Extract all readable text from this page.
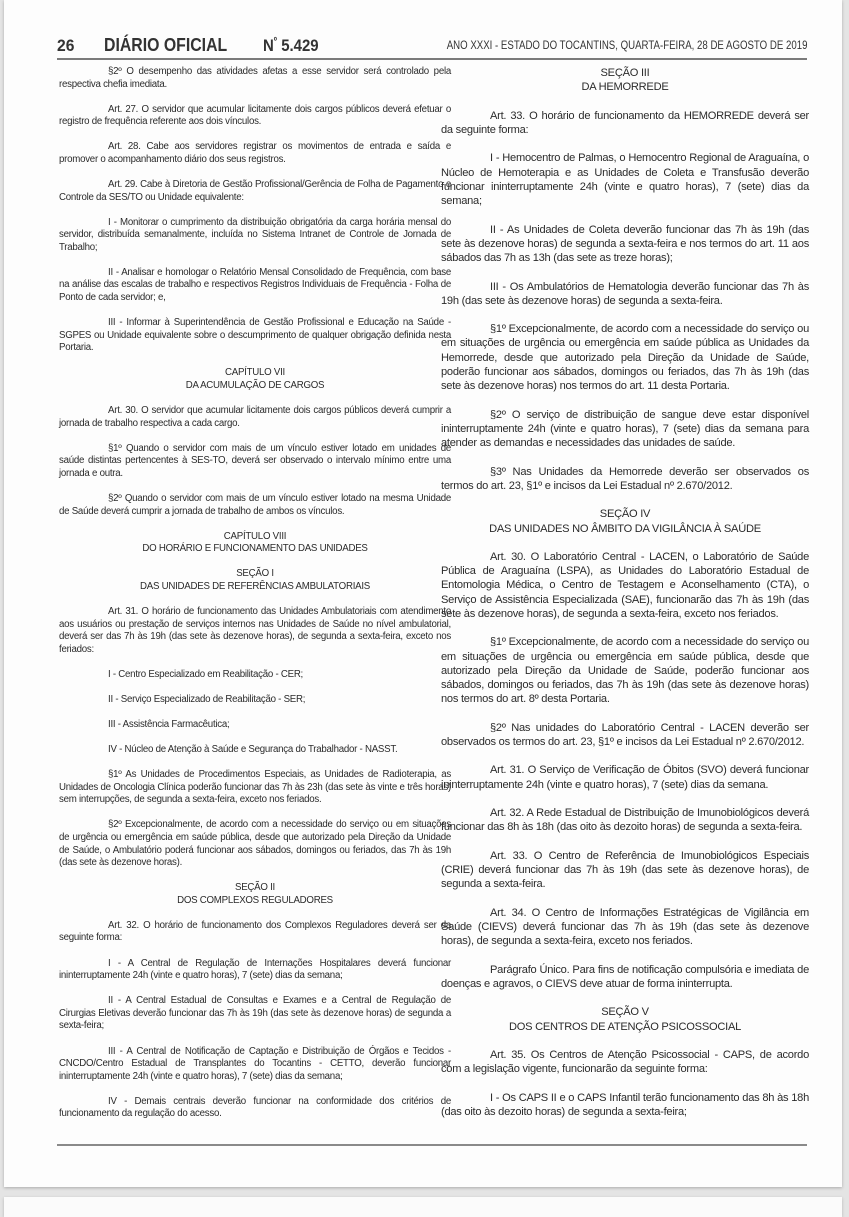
26 DIÁRIO OFICIAL $N^º$ 5.429	ANO XXXI - ESTADO DO TOCANTINS, QUARTA-FEIRA, 28 DE AGOSTO DE 2019

§2º O desempenho das atividades afetas a esse servidor será controlado pela respectiva chefia imediata.

Art. 27. O servidor que acumular licitamente dois cargos públicos deverá efetuar o registro de frequência referente aos dois vínculos.

Art. 28. Cabe aos servidores registrar os movimentos de entrada e saída e promover o acompanhamento diário dos seus registros.

Art. 29. Cabe à Diretoria de Gestão Profissional/Gerência de Folha de Pagamento e Controle da SES/TO ou Unidade equivalente:

I - Monitorar o cumprimento da distribuição obrigatória da carga horária mensal do servidor, distribuída semanalmente, incluída no Sistema Intranet de Controle de Jornada de Trabalho;

II - Analisar e homologar o Relatório Mensal Consolidado de Frequência, com base na análise das escalas de trabalho e respectivos Registros Individuais de Frequência - Folha de Ponto de cada servidor; e,

III - Informar à Superintendência de Gestão Profissional e Educação na Saúde - SGPES ou Unidade equivalente sobre o descumprimento de qualquer obrigação definida nesta Portaria.

CAPÍTULO VII
DA ACUMULAÇÃO DE CARGOS

Art. 30. O servidor que acumular licitamente dois cargos públicos deverá cumprir a jornada de trabalho respectiva a cada cargo.

§1º Quando o servidor com mais de um vínculo estiver lotado em unidades de saúde distintas pertencentes à SES-TO, deverá ser observado o intervalo mínimo entre uma jornada e outra.

§2º Quando o servidor com mais de um vínculo estiver lotado na mesma Unidade de Saúde deverá cumprir a jornada de trabalho de ambos os vínculos.

CAPÍTULO VIII
DO HORÁRIO E FUNCIONAMENTO DAS UNIDADES
SEÇÃO I
DAS UNIDADES DE REFERÊNCIAS AMBULATORIAIS

Art. 31. O horário de funcionamento das Unidades Ambulatoriais com atendimento aos usuários ou prestação de serviços internos nas Unidades de Saúde no nível ambulatorial, deverá ser das 7h às 19h (das sete às dezenove horas), de segunda a sexta-feira, exceto nos feriados:

I - Centro Especializado em Reabilitação - CER;

II - Serviço Especializado de Reabilitação - SER;

III - Assistência Farmacêutica;

IV - Núcleo de Atenção à Saúde e Segurança do Trabalhador - NASST.

§1º As Unidades de Procedimentos Especiais, as Unidades de Radioterapia, as Unidades de Oncologia Clínica poderão funcionar das 7h às 23h (das sete às vinte e três horas) sem interrupções, de segunda a sexta-feira, exceto nos feriados.

§2º Excepcionalmente, de acordo com a necessidade do serviço ou em situações de urgência ou emergência em saúde pública, desde que autorizado pela Direção da Unidade de Saúde, o Ambulatório poderá funcionar aos sábados, domingos ou feriados, das 7h às 19h (das sete às dezenove horas).

SEÇÃO II
DOS COMPLEXOS REGULADORES

Art. 32. O horário de funcionamento dos Complexos Reguladores deverá ser da seguinte forma:

I - A Central de Regulação de Internações Hospitalares deverá funcionar ininterruptamente 24h (vinte e quatro horas), 7 (sete) dias da semana;

II - A Central Estadual de Consultas e Exames e a Central de Regulação de Cirurgias Eletivas deverão funcionar das 7h às 19h (das sete às dezenove horas) de segunda a sexta-feira;

III - A Central de Notificação de Captação e Distribuição de Órgãos e Tecidos - CNCDO/Centro Estadual de Transplantes do Tocantins - CETTO, deverão funcionar ininterruptamente 24h (vinte e quatro horas), 7 (sete) dias da semana;

IV - Demais centrais deverão funcionar na conformidade dos critérios de funcionamento da regulação do acesso.

SEÇÃO III
DA HEMORREDE

Art. 33. O horário de funcionamento da HEMORREDE deverá ser da seguinte forma:

I - Hemocentro de Palmas, o Hemocentro Regional de Araguaína, o Núcleo de Hemoterapia e as Unidades de Coleta e Transfusão deverão funcionar ininterruptamente 24h (vinte e quatro horas), 7 (sete) dias da semana;

II - As Unidades de Coleta deverão funcionar das 7h às 19h (das sete às dezenove horas) de segunda a sexta-feira e nos termos do art. 11 aos sábados das 7h as 13h (das sete as treze horas);

III - Os Ambulatórios de Hematologia deverão funcionar das 7h às 19h (das sete às dezenove horas) de segunda a sexta-feira.

§1º Excepcionalmente, de acordo com a necessidade do serviço ou em situações de urgência ou emergência em saúde pública as Unidades da Hemorrede, desde que autorizado pela Direção da Unidade de Saúde, poderão funcionar aos sábados, domingos ou feriados, das 7h às 19h (das sete às dezenove horas) nos termos do art. 11 desta Portaria.

§2º O serviço de distribuição de sangue deve estar disponível ininterruptamente 24h (vinte e quatro horas), 7 (sete) dias da semana para atender as demandas e necessidades das unidades de saúde.

§3º Nas Unidades da Hemorrede deverão ser observados os termos do art. 23, §1º e incisos da Lei Estadual nº 2.670/2012.

SEÇÃO IV
DAS UNIDADES NO ÂMBITO DA VIGILÂNCIA À SAÚDE

Art. 30. O Laboratório Central - LACEN, o Laboratório de Saúde Pública de Araguaína (LSPA), as Unidades do Laboratório Estadual de Entomologia Médica, o Centro de Testagem e Aconselhamento (CTA), o Serviço de Assistência Especializada (SAE), funcionarão das 7h às 19h (das sete às dezenove horas), de segunda a sexta-feira, exceto nos feriados.

§1º Excepcionalmente, de acordo com a necessidade do serviço ou em situações de urgência ou emergência em saúde pública, desde que autorizado pela Direção da Unidade de Saúde, poderão funcionar aos sábados, domingos ou feriados, das 7h às 19h (das sete às dezenove horas) nos termos do art. 8º desta Portaria.

§2º Nas unidades do Laboratório Central - LACEN deverão ser observados os termos do art. 23, §1º e incisos da Lei Estadual nº 2.670/2012.

Art. 31. O Serviço de Verificação de Óbitos (SVO) deverá funcionar ininterruptamente 24h (vinte e quatro horas), 7 (sete) dias da semana.

Art. 32. A Rede Estadual de Distribuição de Imunobiológicos deverá funcionar das 8h às 18h (das oito às dezoito horas) de segunda a sexta-feira.

Art. 33. O Centro de Referência de Imunobiológicos Especiais (CRIE) deverá funcionar das 7h às 19h (das sete às dezenove horas), de segunda a sexta-feira.

Art. 34. O Centro de Informações Estratégicas de Vigilância em Saúde (CIEVS) deverá funcionar das 7h às 19h (das sete às dezenove horas), de segunda a sexta-feira, exceto nos feriados.

Parágrafo Único. Para fins de notificação compulsória e imediata de doenças e agravos, o CIEVS deve atuar de forma ininterrupta.

SEÇÃO V
DOS CENTROS DE ATENÇÃO PSICOSSOCIAL

Art. 35. Os Centros de Atenção Psicossocial - CAPS, de acordo com a legislação vigente, funcionarão da seguinte forma:

I - Os CAPS II e o CAPS Infantil terão funcionamento das 8h às 18h (das oito às dezoito horas) de segunda a sexta-feira;
